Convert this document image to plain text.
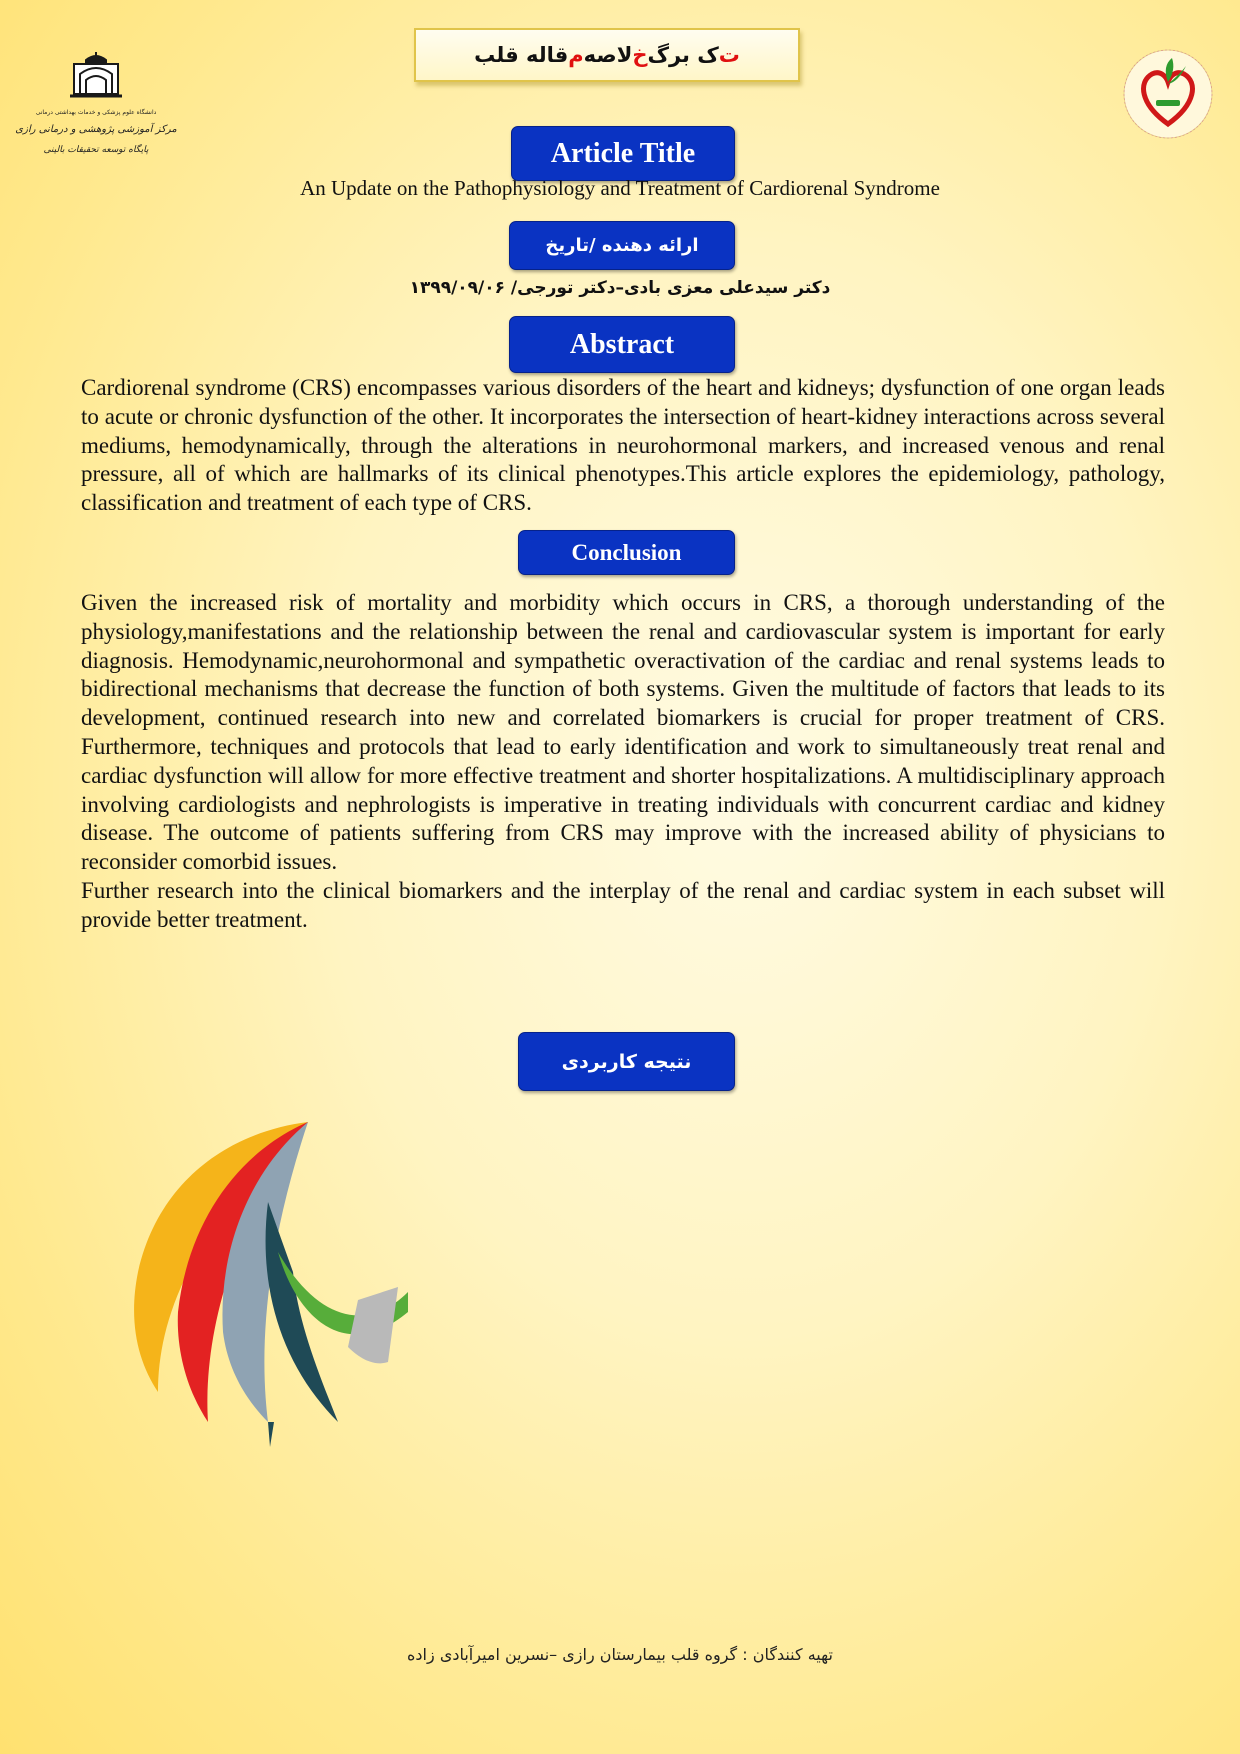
ت
ک برگ
خ
لاصه
م
قاله قلب
دانشگاه علوم پزشکی و خدمات بهداشتی درمانی
مرکز آموزشی پژوهشی و درمانی رازی
پایگاه توسعه تحقیقات بالینی	Article Title
An Update on the Pathophysiology and Treatment of Cardiorenal Syndrome
ارائه دهنده /تاریخ
دکتر سیدعلی معزی بادی–دکتر تورجی/ ۱۳۹۹/۰۹/۰۶
Abstract
Cardiorenal syndrome (CRS) encompasses various disorders of the heart and kidneys; dysfunction of one organ leads to acute or chronic dysfunction of the other. It incorporates the intersection of heart-kidney interactions across several mediums, hemodynamically, through the alterations in neurohormonal markers, and increased venous and renal pressure, all of which are hallmarks of its clinical phenotypes.This article explores the epidemiology, pathology, classification and treatment of each type of CRS.
Conclusion

Given the increased risk of mortality and morbidity which occurs in CRS, a thorough understanding of the physiology,manifestations and the relationship between the renal and cardiovascular system is important for early diagnosis. Hemodynamic,neurohormonal and sympathetic overactivation of the cardiac and renal systems leads to bidirectional mechanisms that decrease the function of both systems. Given the multitude of factors that leads to its development, continued research into new and correlated biomarkers is crucial for proper treatment of CRS. Furthermore, techniques and protocols that lead to early identification and work to simultaneously treat renal and cardiac dysfunction will allow for more effective treatment and shorter hospitalizations. A multidisciplinary approach involving cardiologists and nephrologists is imperative in treating individuals with concurrent cardiac and kidney disease. The outcome of patients suffering from CRS may improve with the increased ability of physicians to reconsider comorbid issues.

Further research into the clinical biomarkers and the interplay of the renal and cardiac system in each subset will provide better treatment.

نتیجه کاربردی
تهیه کنندگان : گروه قلب بیمارستان رازی –نسرین امیرآبادی زاده
